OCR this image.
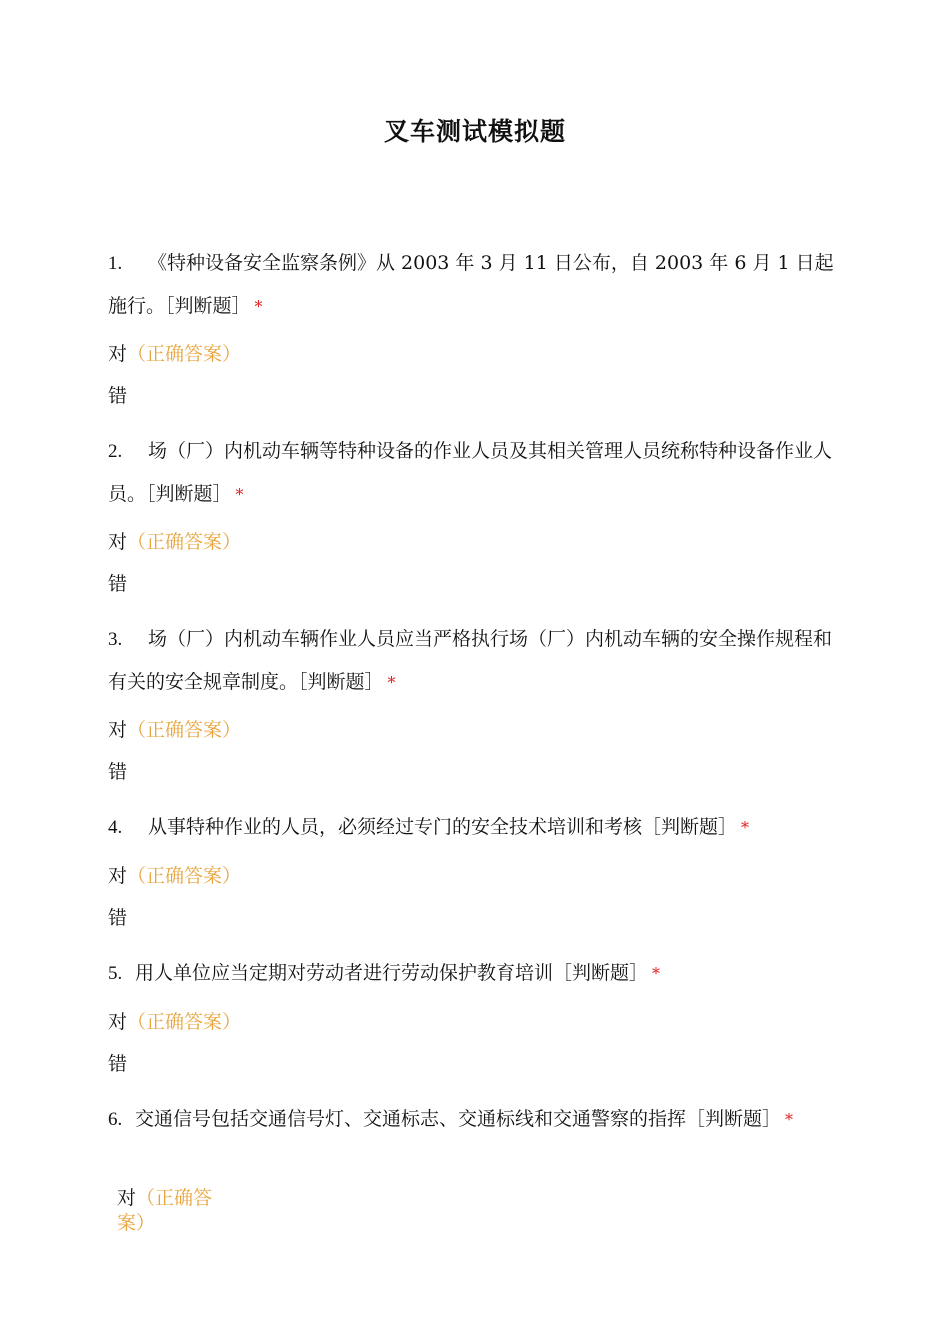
叉车测试模拟题
1. 《特种设备安全监察条例》从 2003 年 3 月 11 日公布，自 2003 年 6 月 1 日起施行。［判断题］ *
对（正确答案）
错
2. 场（厂）内机动车辆等特种设备的作业人员及其相关管理人员统称特种设备作业人员。［判断题］ *
对（正确答案）
错
3. 场（厂）内机动车辆作业人员应当严格执行场（厂）内机动车辆的安全操作规程和有关的安全规章制度。［判断题］ *
对（正确答案）
错
4. 从事特种作业的人员，必须经过专门的安全技术培训和考核［判断题］ *
对（正确答案）
错
5. 用人单位应当定期对劳动者进行劳动保护教育培训［判断题］ *
对（正确答案）
错
6. 交通信号包括交通信号灯、交通标志、交通标线和交通警察的指挥［判断题］ *
对（正确答案）
